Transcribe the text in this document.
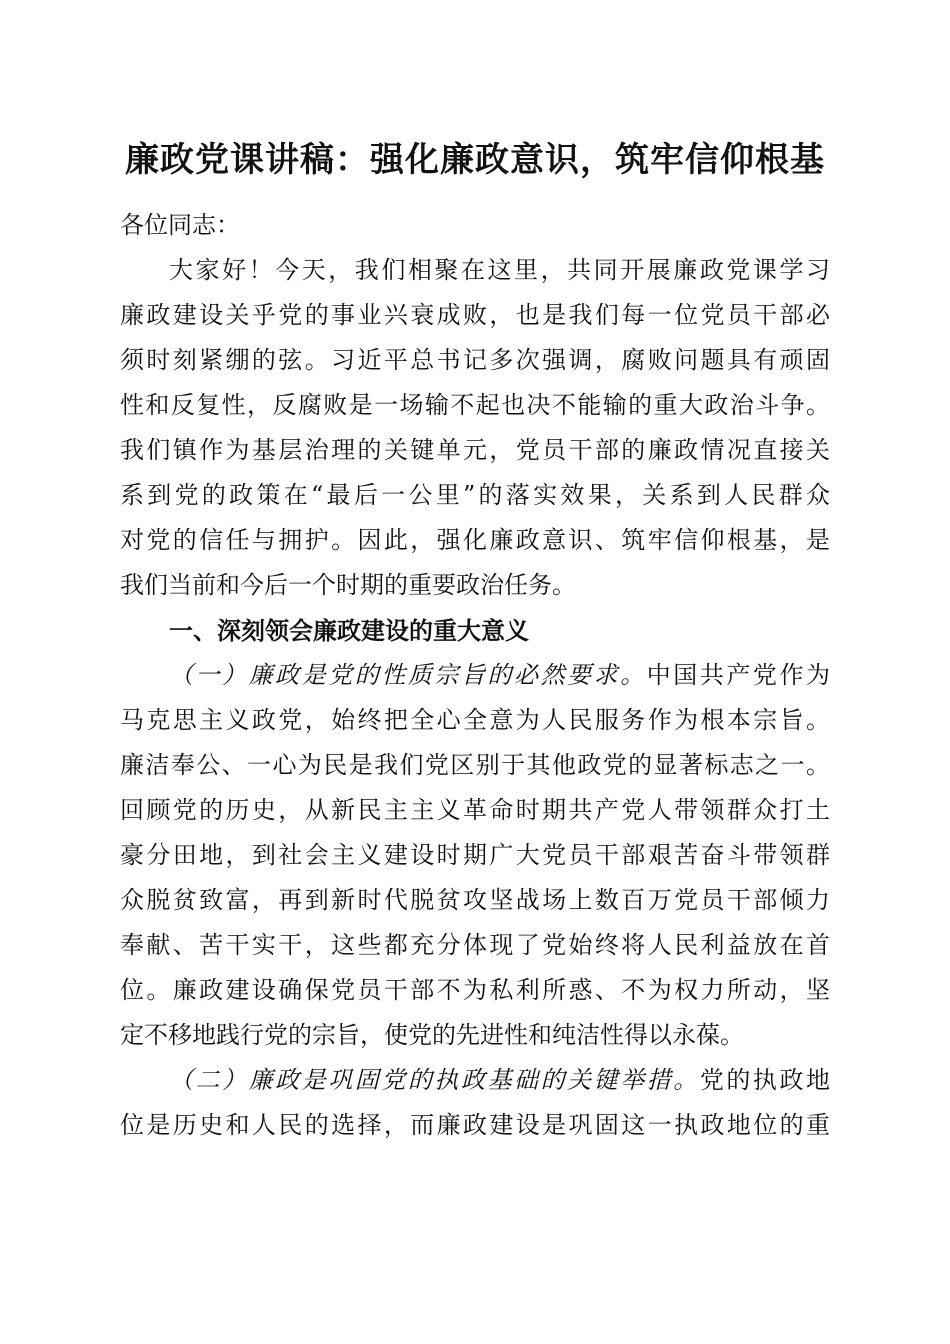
廉政党课讲稿：强化廉政意识，筑牢信仰根基
各位同志：
大家好！今天，我们相聚在这里，共同开展廉政党课学习
廉政建设关乎党的事业兴衰成败，也是我们每一位党员干部必
须时刻紧绷的弦。习近平总书记多次强调，腐败问题具有顽固
性和反复性，反腐败是一场输不起也决不能输的重大政治斗争。
我们镇作为基层治理的关键单元，党员干部的廉政情况直接关
系到党的政策在“最后一公里”的落实效果，关系到人民群众
对党的信任与拥护。因此，强化廉政意识、筑牢信仰根基，是
我们当前和今后一个时期的重要政治任务。
一、深刻领会廉政建设的重大意义
（一）廉政是党的性质宗旨的必然要求。中国共产党作为
马克思主义政党，始终把全心全意为人民服务作为根本宗旨。
廉洁奉公、一心为民是我们党区别于其他政党的显著标志之一。
回顾党的历史，从新民主主义革命时期共产党人带领群众打土
豪分田地，到社会主义建设时期广大党员干部艰苦奋斗带领群
众脱贫致富，再到新时代脱贫攻坚战场上数百万党员干部倾力
奉献、苦干实干，这些都充分体现了党始终将人民利益放在首
位。廉政建设确保党员干部不为私利所惑、不为权力所动，坚
定不移地践行党的宗旨，使党的先进性和纯洁性得以永葆。
（二）廉政是巩固党的执政基础的关键举措。党的执政地
位是历史和人民的选择，而廉政建设是巩固这一执政地位的重
